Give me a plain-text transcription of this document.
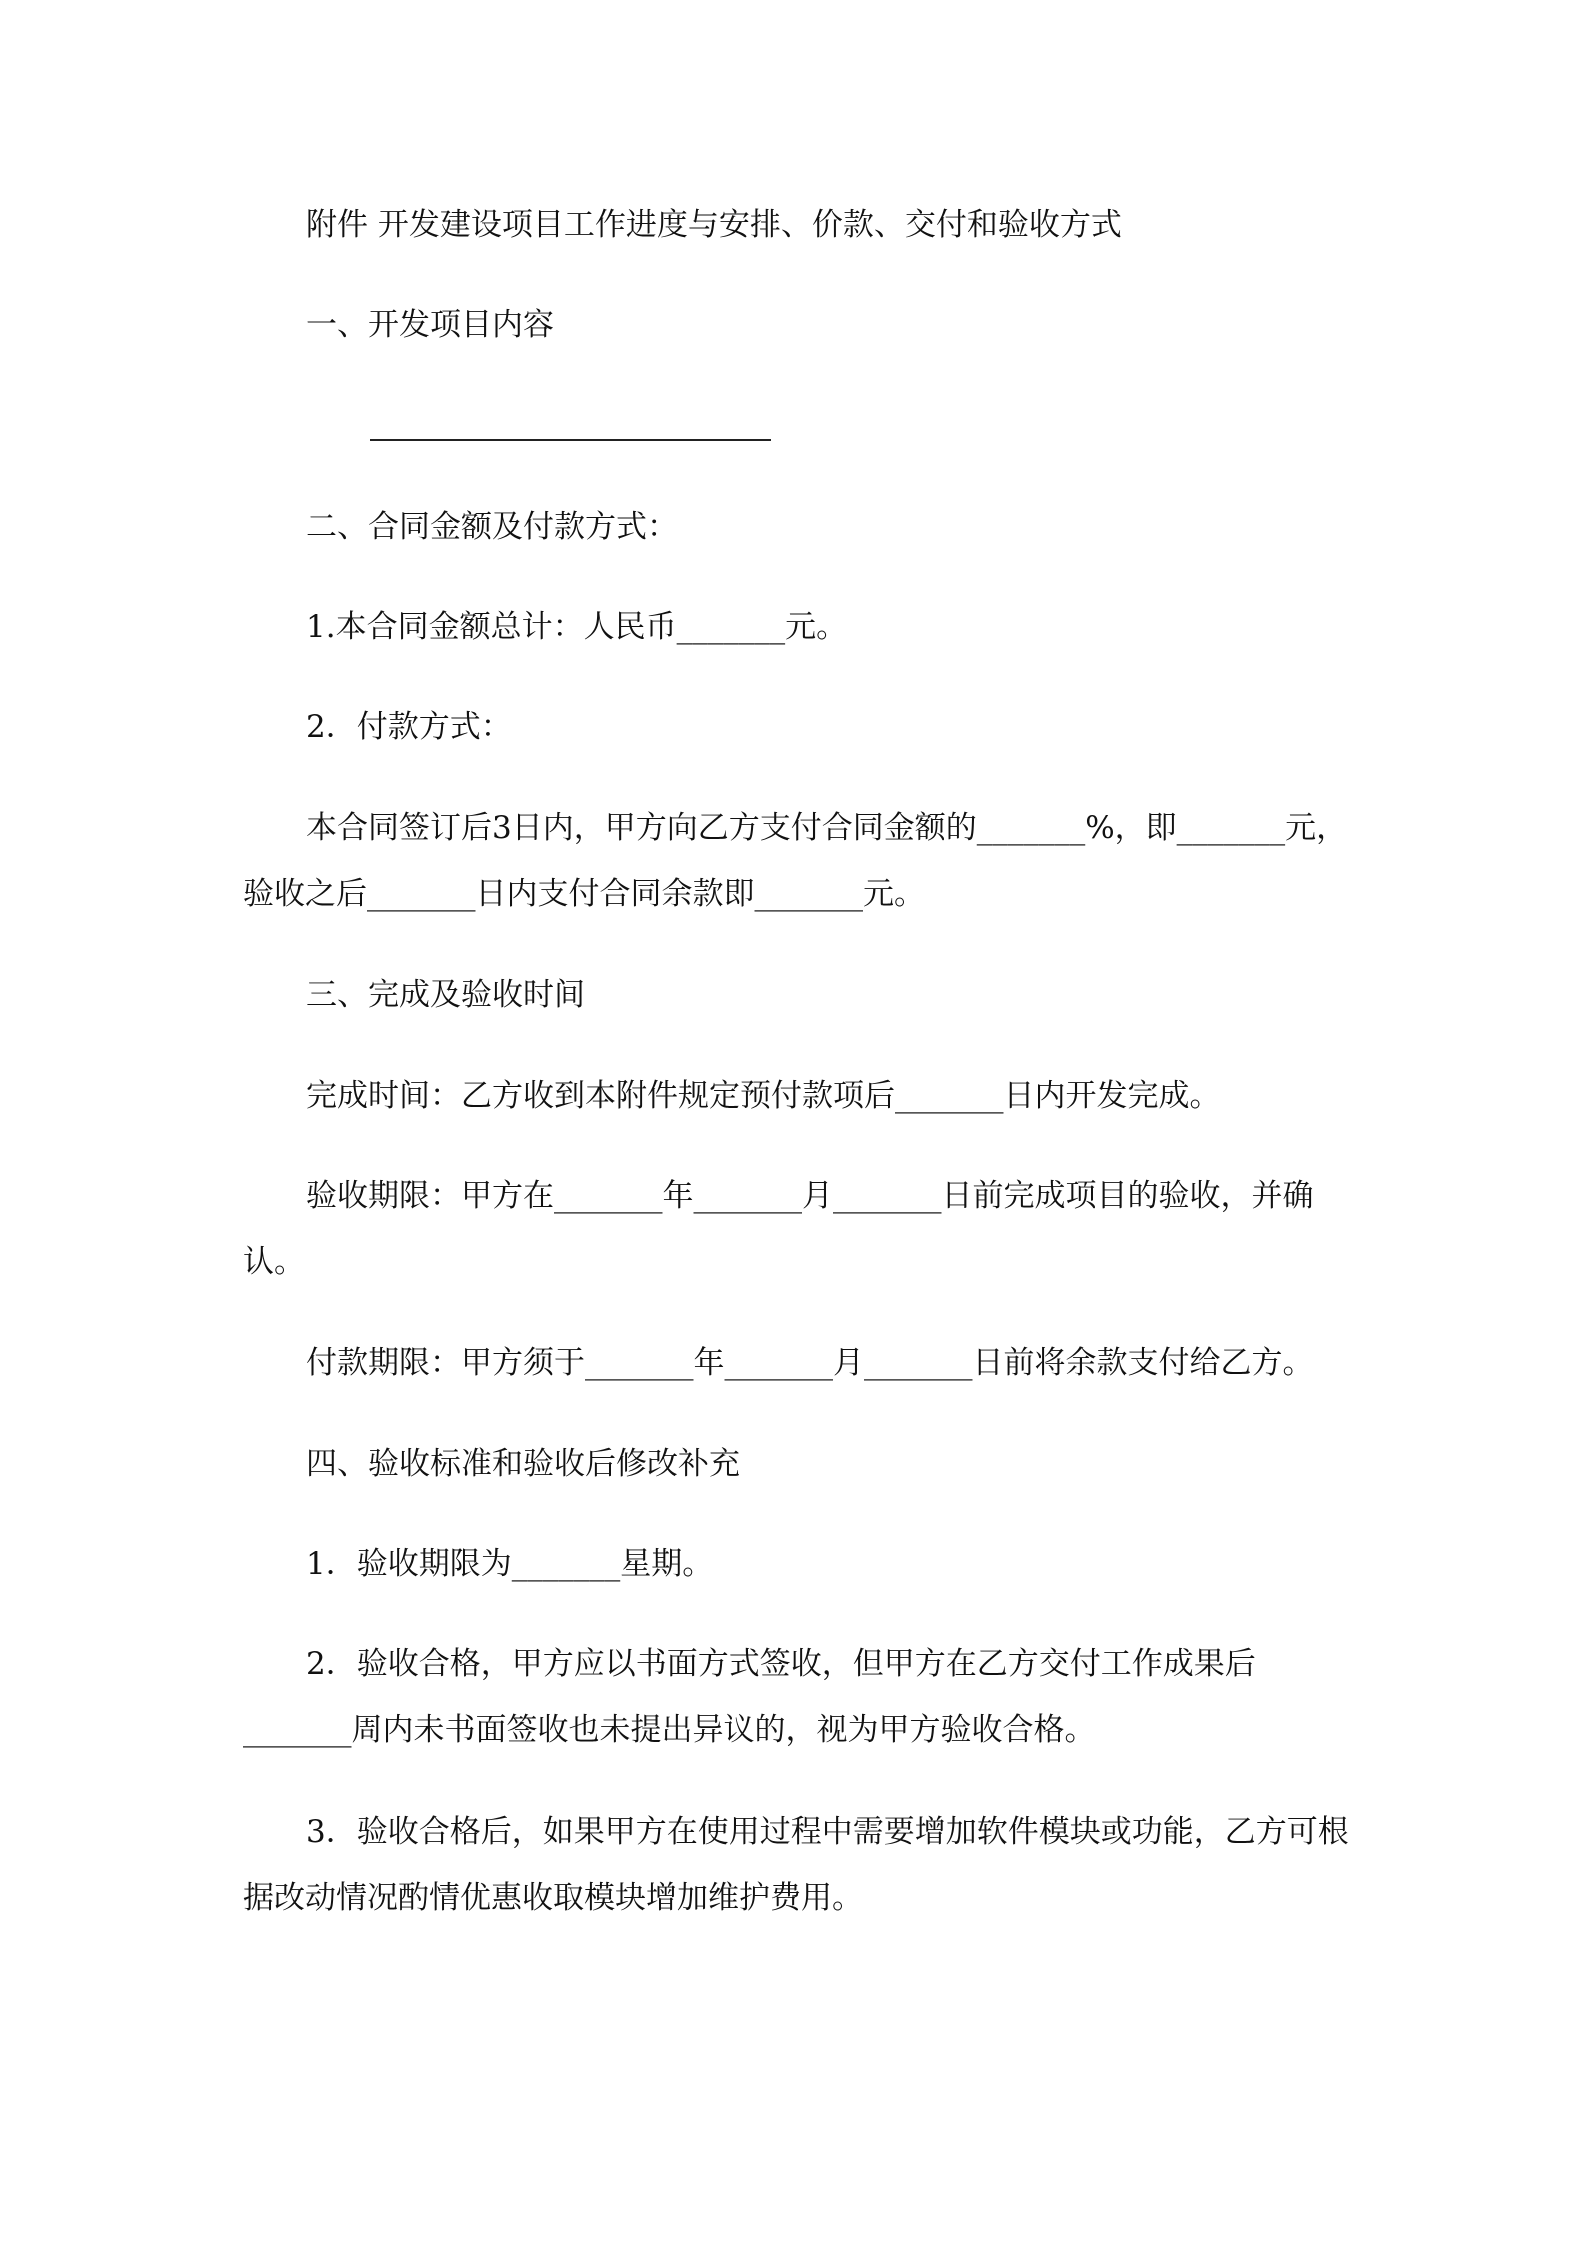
附件 开发建设项目工作进度与安排、价款、交付和验收方式

一、开发项目内容

二、合同金额及付款方式：

1.本合同金额总计：人民币_______元。

2．付款方式：

本合同签订后3日内，甲方向乙方支付合同金额的_______%，即_______元，验收之后_______日内支付合同余款即_______元。

三、完成及验收时间

完成时间：乙方收到本附件规定预付款项后_______日内开发完成。

验收期限：甲方在_______年_______月_______日前完成项目的验收，并确认。

付款期限：甲方须于_______年_______月_______日前将余款支付给乙方。

四、验收标准和验收后修改补充

1．验收期限为_______星期。

2．验收合格，甲方应以书面方式签收，但甲方在乙方交付工作成果后_______周内未书面签收也未提出异议的，视为甲方验收合格。

3．验收合格后，如果甲方在使用过程中需要增加软件模块或功能，乙方可根据改动情况酌情优惠收取模块增加维护费用。
